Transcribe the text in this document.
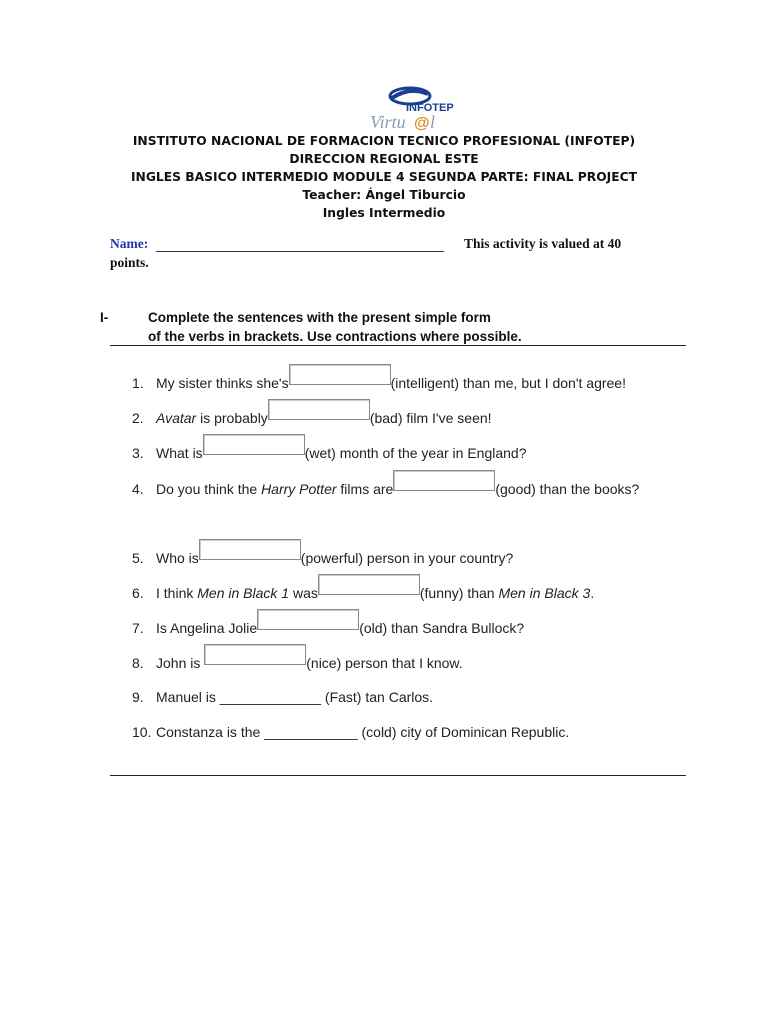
INFOTEP
Virtu @ l
INSTITUTO NACIONAL DE FORMACION TECNICO PROFESIONAL (INFOTEP)
DIRECCION REGIONAL ESTE
INGLES BASICO INTERMEDIO MODULE 4 SEGUNDA PARTE: FINAL PROJECT
Teacher: Ángel Tiburcio
Ingles Intermedio
Name:	This activity is valued at 40
points.
I-	Complete the sentences with the present simple form
of the verbs in brackets. Use contractions where possible.
1. My sister thinks she's	(intelligent) than me, but I don't agree!
2. Avatar is probably	(bad) film I've seen!
3. What is	(wet) month of the year in England?
4. Do you think the Harry Potter films are	(good) than the books?
5. Who is	(powerful) person in your country?
6. I think Men in Black 1 was	(funny) than Men in Black 3.
7. Is Angelina Jolie	(old) than Sandra Bullock?
8. John is	(nice) person that I know.
9. Manuel is _____________ (Fast) tan Carlos.
10. Constanza is the ____________ (cold) city of Dominican Republic.
